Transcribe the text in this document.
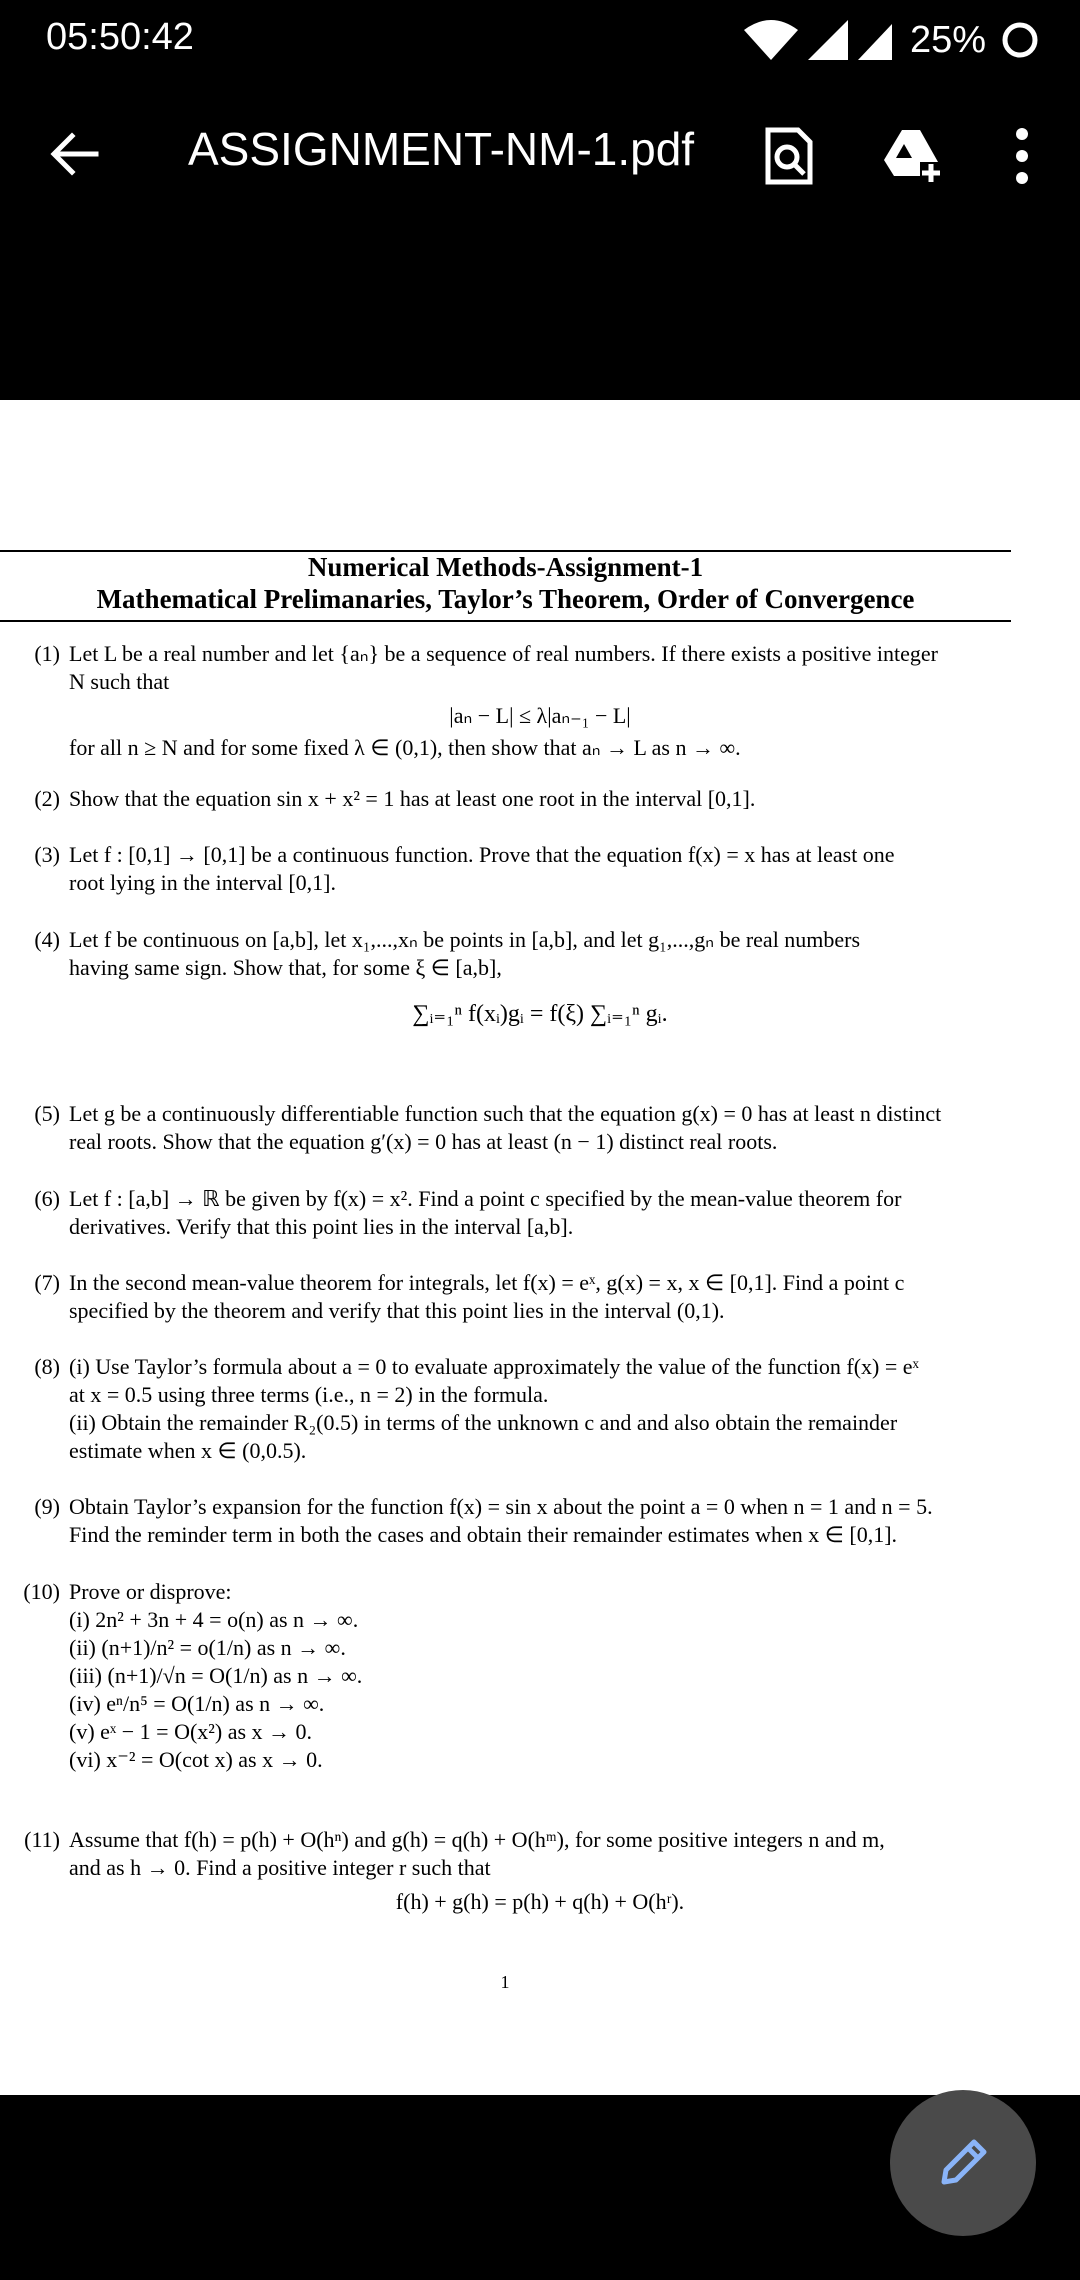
05:50:42	25%
ASSIGNMENT-NM-1.pdf
Numerical Methods-Assignment-1
Mathematical Prelimanaries, Taylor’s Theorem, Order of Convergence
(1) Let L be a real number and let {aₙ} be a sequence of real numbers. If there exists a positive integer
N such that
|aₙ − L| ≤ λ|aₙ₋₁ − L|
for all n ≥ N and for some fixed λ ∈ (0,1), then show that aₙ → L as n → ∞.
(2) Show that the equation sin x + x² = 1 has at least one root in the interval [0,1].
(3) Let f : [0,1] → [0,1] be a continuous function. Prove that the equation f(x) = x has at least one
root lying in the interval [0,1].
(4) Let f be continuous on [a,b], let x₁,...,xₙ be points in [a,b], and let g₁,...,gₙ be real numbers
having same sign. Show that, for some ξ ∈ [a,b],
∑ᵢ₌₁ⁿ f(xᵢ)gᵢ = f(ξ) ∑ᵢ₌₁ⁿ gᵢ.
(5) Let g be a continuously differentiable function such that the equation g(x) = 0 has at least n distinct
real roots. Show that the equation g′(x) = 0 has at least (n − 1) distinct real roots.
(6) Let f : [a,b] → ℝ be given by f(x) = x². Find a point c specified by the mean-value theorem for
derivatives. Verify that this point lies in the interval [a,b].
(7) In the second mean-value theorem for integrals, let f(x) = eˣ, g(x) = x, x ∈ [0,1]. Find a point c
specified by the theorem and verify that this point lies in the interval (0,1).
(8) (i) Use Taylor’s formula about a = 0 to evaluate approximately the value of the function f(x) = eˣ
at x = 0.5 using three terms (i.e., n = 2) in the formula.
(ii) Obtain the remainder R₂(0.5) in terms of the unknown c and and also obtain the remainder
estimate when x ∈ (0,0.5).
(9) Obtain Taylor’s expansion for the function f(x) = sin x about the point a = 0 when n = 1 and n = 5.
Find the reminder term in both the cases and obtain their remainder estimates when x ∈ [0,1].
(10) Prove or disprove:
(i) 2n² + 3n + 4 = o(n) as n → ∞.
(ii) (n+1)/n² = o(1/n) as n → ∞.
(iii) (n+1)/√n = O(1/n) as n → ∞.
(iv) eⁿ/n⁵ = O(1/n) as n → ∞.
(v) eˣ − 1 = O(x²) as x → 0.
(vi) x⁻² = O(cot x) as x → 0.
(11) Assume that f(h) = p(h) + O(hⁿ) and g(h) = q(h) + O(hᵐ), for some positive integers n and m,
and as h → 0. Find a positive integer r such that
f(h) + g(h) = p(h) + q(h) + O(hʳ).
1
